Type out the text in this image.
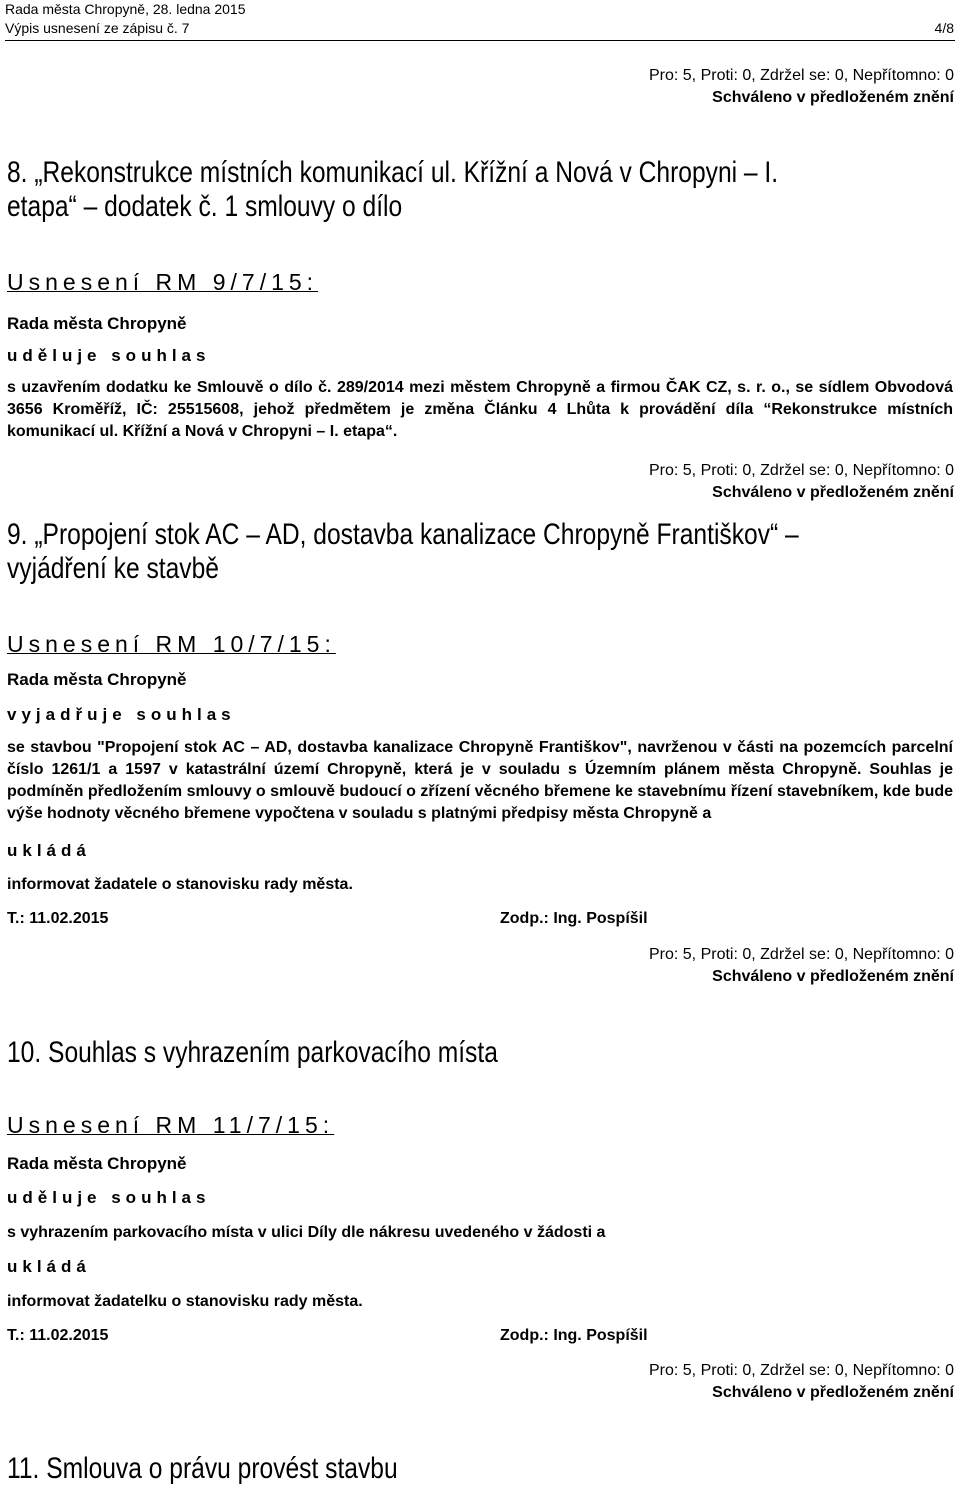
Rada města Chropyně, 28. ledna 2015
Výpis usnesení ze zápisu č. 7	4/8
Pro: 5, Proti: 0, Zdržel se: 0, Nepřítomno: 0
Schváleno v předloženém znění
8. „Rekonstrukce místních komunikací ul. Křížní a Nová v Chropyni – I.
etapa“ – dodatek č. 1 smlouvy o dílo
Usnesení RM 9/7/15:
Rada města Chropyně
uděluje souhlas
s uzavřením dodatku ke Smlouvě o dílo č. 289/2014 mezi městem Chropyně a firmou ČAK CZ, s. r. o., se sídlem Obvodová 3656 Kroměříž, IČ: 25515608, jehož předmětem je změna Článku 4 Lhůta k provádění díla “Rekonstrukce místních komunikací ul. Křížní a Nová v Chropyni – I. etapa“.
Pro: 5, Proti: 0, Zdržel se: 0, Nepřítomno: 0
Schváleno v předloženém znění
9. „Propojení stok AC – AD, dostavba kanalizace Chropyně Františkov“ –
vyjádření ke stavbě
Usnesení RM 10/7/15:
Rada města Chropyně
vyjadřuje souhlas
se stavbou "Propojení stok AC – AD, dostavba kanalizace Chropyně Františkov", navrženou v části na pozemcích parcelní číslo 1261/1 a 1597 v katastrální území Chropyně, která je v souladu s Územním plánem města Chropyně. Souhlas je podmíněn předložením smlouvy o smlouvě budoucí o zřízení věcného břemene ke stavebnímu řízení stavebníkem, kde bude výše hodnoty věcného břemene vypočtena v souladu s platnými předpisy města Chropyně a
ukládá
informovat žadatele o stanovisku rady města.
T.: 11.02.2015	Zodp.: Ing. Pospíšil
Pro: 5, Proti: 0, Zdržel se: 0, Nepřítomno: 0
Schváleno v předloženém znění
10. Souhlas s vyhrazením parkovacího místa
Usnesení RM 11/7/15:
Rada města Chropyně
uděluje souhlas
s vyhrazením parkovacího místa v ulici Díly dle nákresu uvedeného v žádosti a
ukládá
informovat žadatelku o stanovisku rady města.
T.: 11.02.2015	Zodp.: Ing. Pospíšil
Pro: 5, Proti: 0, Zdržel se: 0, Nepřítomno: 0
Schváleno v předloženém znění
11. Smlouva o právu provést stavbu
